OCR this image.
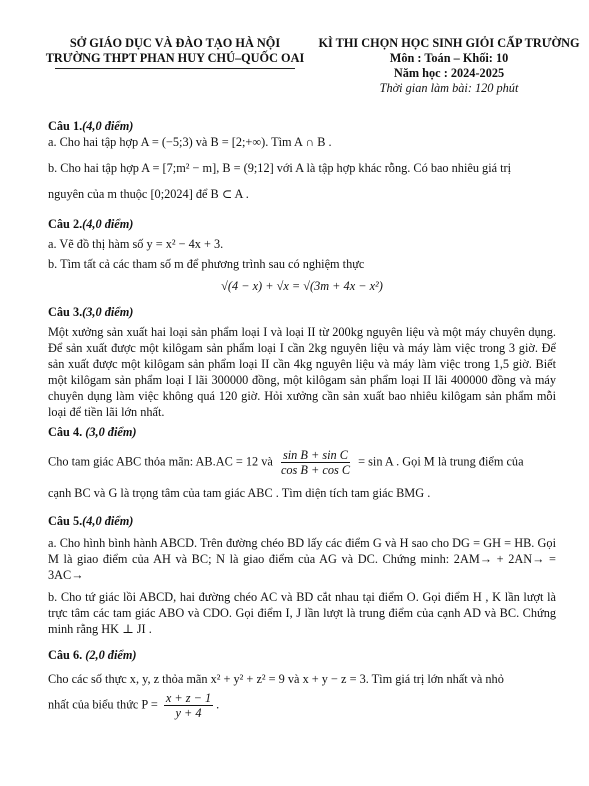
SỞ GIÁO DỤC VÀ ĐÀO TẠO HÀ NỘI
TRƯỜNG THPT PHAN HUY CHÚ–QUỐC OAI
KÌ THI CHỌN HỌC SINH GIỎI CẤP TRƯỜNG
Môn : Toán – Khối: 10
Năm học : 2024-2025
Thời gian làm bài: 120 phút
Câu 1.(4,0 điểm)

a. Cho hai tập hợp A = (−5;3) và B = [2;+∞). Tìm A ∩ B .

b. Cho hai tập hợp A = [7;m² − m], B = (9;12] với A là tập hợp khác rỗng. Có bao nhiêu giá trị

nguyên của m thuộc [0;2024] để B ⊂ A .

Câu 2.(4,0 điểm)

a. Vẽ đồ thị hàm số y = x² − 4x + 3.

b. Tìm tất cả các tham số m để phương trình sau có nghiệm thực

√(4 − x) + √x = √(3m + 4x − x²)
Câu 3.(3,0 điểm)

Một xưởng sản xuất hai loại sản phẩm loại I và loại II từ 200kg nguyên liệu và một máy chuyên dụng. Để sản xuất được một kilôgam sản phẩm loại I cần 2kg nguyên liệu và máy làm việc trong 3 giờ. Để sản xuất được một kilôgam sản phẩm loại II cần 4kg nguyên liệu và máy làm việc trong 1,5 giờ. Biết một kilôgam sản phẩm loại I lãi 300000 đồng, một kilôgam sản phẩm loại II lãi 400000 đồng và máy chuyên dụng làm việc không quá 120 giờ. Hỏi xưởng cần sản xuất bao nhiêu kilôgam sản phẩm mỗi loại để tiền lãi lớn nhất.

Câu 4. (3,0 điểm)

Cho tam giác ABC thỏa mãn: AB.AC = 12 và $\frac{\text{sin B + sin C}}{\text{cos B + cos C}} = \sin A$ . Gọi M là trung điểm của

cạnh BC và G là trọng tâm của tam giác ABC . Tìm diện tích tam giác BMG .

Câu 5.(4,0 điểm)

a. Cho hình bình hành ABCD. Trên đường chéo BD lấy các điểm G và H sao cho DG = GH = HB. Gọi M là giao điểm của AH và BC; N là giao điểm của AG và DC. Chứng minh: 2AM→ + 2AN→ = 3AC→

b. Cho tứ giác lồi ABCD, hai đường chéo AC và BD cắt nhau tại điểm O. Gọi điểm H , K lần lượt là trực tâm các tam giác ABO và CDO. Gọi điểm I, J lần lượt là trung điểm của cạnh AD và BC. Chứng minh rằng HK ⊥ JI .

Câu 6. (2,0 điểm)

Cho các số thực x, y, z thỏa mãn x² + y² + z² = 9 và x + y − z = 3. Tìm giá trị lớn nhất và nhỏ

nhất của biểu thức $P = \frac{x + z - 1}{y + 4}$ .
